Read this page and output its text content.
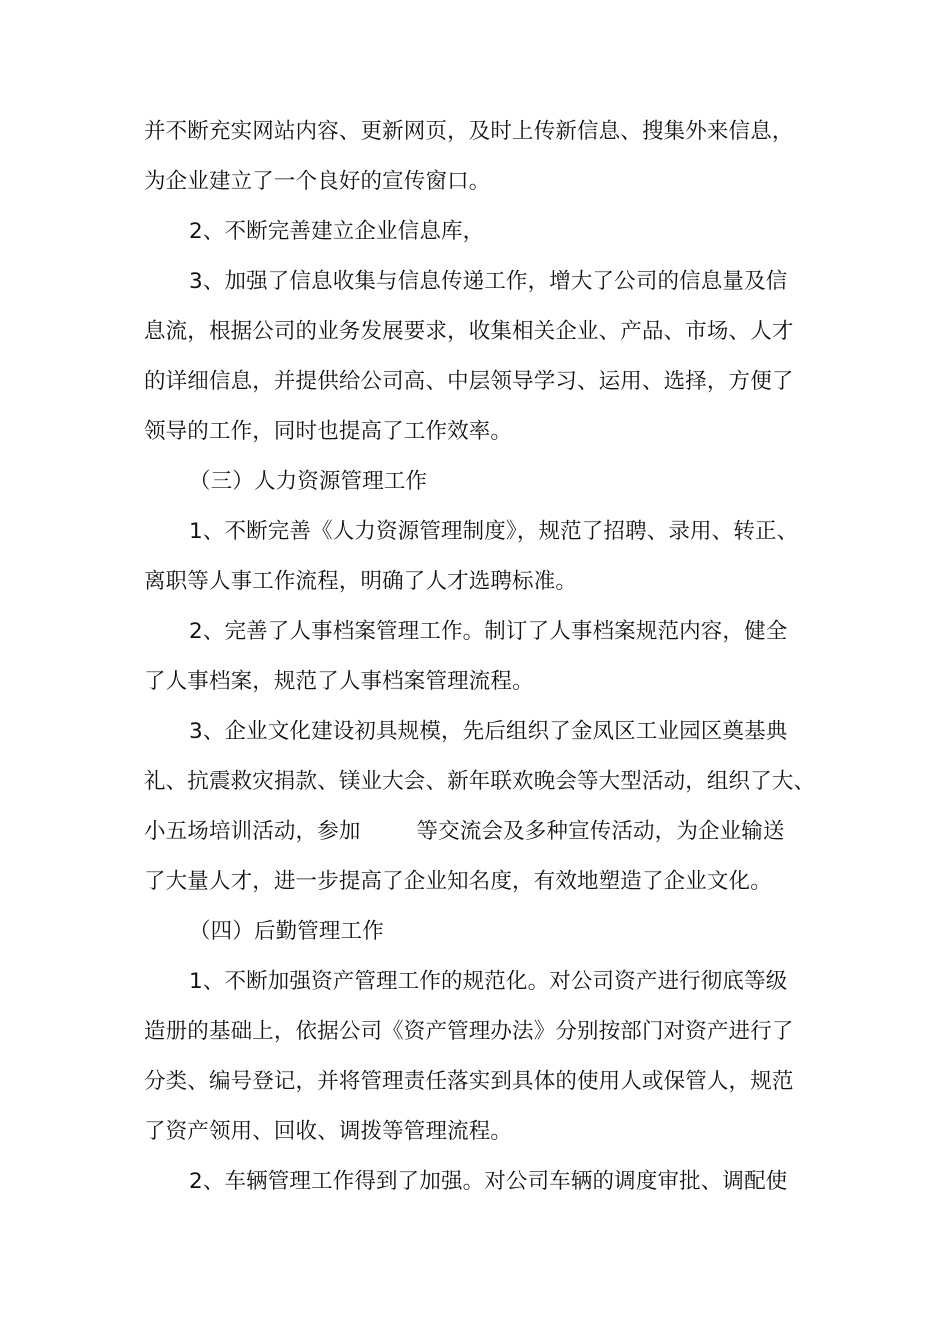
并不断充实网站内容、更新网页，及时上传新信息、搜集外来信息，
为企业建立了一个良好的宣传窗口。
2、不断完善建立企业信息库，
3、加强了信息收集与信息传递工作，增大了公司的信息量及信
息流，根据公司的业务发展要求，收集相关企业、产品、市场、人才
的详细信息，并提供给公司高、中层领导学习、运用、选择，方便了
领导的工作，同时也提高了工作效率。
（三）人力资源管理工作
1、不断完善《人力资源管理制度》，规范了招聘、录用、转正、
离职等人事工作流程，明确了人才选聘标准。
2、完善了人事档案管理工作。制订了人事档案规范内容，健全
了人事档案，规范了人事档案管理流程。
3、企业文化建设初具规模，先后组织了金凤区工业园区奠基典
礼、抗震救灾捐款、镁业大会、新年联欢晚会等大型活动，组织了大、
小五场培训活动，参加	等交流会及多种宣传活动，为企业输送
了大量人才，进一步提高了企业知名度，有效地塑造了企业文化。
（四）后勤管理工作
1、不断加强资产管理工作的规范化。对公司资产进行彻底等级
造册的基础上，依据公司《资产管理办法》分别按部门对资产进行了
分类、编号登记，并将管理责任落实到具体的使用人或保管人，规范
了资产领用、回收、调拨等管理流程。
2、车辆管理工作得到了加强。对公司车辆的调度审批、调配使
